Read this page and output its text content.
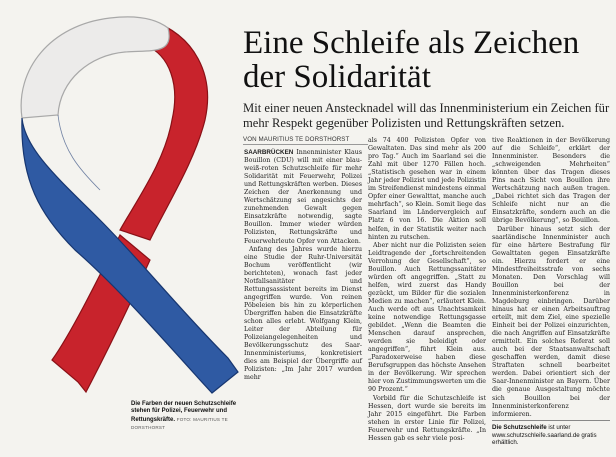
Eine Schleife als Zeichen der Solidarität

Mit einer neuen Anstecknadel will das Innenministerium ein Zeichen für mehr Respekt gegenüber Polizisten und Rettungskräften setzen.

VON MAURITIUS TE DORSTHORST

SAARBRÜCKEN Innenminister Klaus Bouillon (CDU) will mit einer blau-weiß-roten Schutzschleife für mehr Solidarität mit Feuerwehr, Polizei und Rettungskräften werben. Dieses Zeichen der Anerkennung und Wertschätzung sei angesichts der zunehmenden Gewalt gegen Einsatzkräfte notwendig, sagte Bouillon. Immer wieder würden Polizisten, Rettungskräfte und Feuerwehrleute Opfer von Attacken.

Anfang des Jahres wurde hierzu eine Studie der Ruhr-Universität Bochum veröffentlicht (wir berichteten), wonach fast jeder Notfallsanitäter und Rettungsassistent bereits im Dienst angegriffen wurde. Von reinen Pöbeleien bis hin zu körperlichen Übergriffen haben die Einsatzkräfte schon alles erlebt. Wolfgang Klein, Leiter der Abteilung für Polizeiangelegenheiten und Bevölkerungsschutz des Saar-Innenministeriums, konkretisiert dies am Beispiel der Übergriffe auf Polizisten: „Im Jahr 2017 wurden mehr

als 74 400 Polizisten Opfer von Gewaltaten. Das sind mehr als 200 pro Tag.“ Auch im Saarland sei die Zahl mit über 1270 Fällen hoch. „Statistisch gesehen war in einem Jahr jeder Polizist und jede Polizistin im Streifendienst mindestens einmal Opfer einer Gewalttat, manche auch mehrfach“, so Klein. Somit liege das Saarland im Ländervergleich auf Platz 6 von 16. Die Aktion soll helfen, in der Statistik weiter nach hinten zu rutschen.

Aber nicht nur die Polizisten seien Leidtragende der „fortschreitenden Verrohung der Gesellschaft“, so Bouillon. Auch Rettungssanitäter würden oft angegriffen. „Statt zu helfen, wird zuerst das Handy gezückt, um Bilder für die sozialen Medien zu machen“, erläutert Klein. Auch werde oft aus Unachtsamkeit keine notwendige Rettungsgasse gebildet. „Wenn die Beamten die Menschen darauf ansprechen, werden sie beleidigt oder angegriffen“, führt Klein aus. „Paradoxerweise haben diese Berufsgruppen das höchste Ansehen in der Bevölkerung. Wir sprechen hier von Zustimmungswerten um die 90 Prozent.“

Vorbild für die Schutzschleife ist Hessen, dort wurde sie bereits im Jahr 2015 eingeführt. Die Farben stehen in erster Linie für Polizei, Feuerwehr und Rettungskräfte. „In Hessen gab es sehr viele posi-

tive Reaktionen in der Bevölkerung auf die Schleife“, erklärt der Innenminister. Besonders die „schweigenden Mehrheiten“ könnten über das Tragen dieses Pins nach Sicht von Bouillon ihre Wertschätzung nach außen tragen. „Dabei richtet sich das Tragen der Schleife nicht nur an die Einsatzkräfte, sondern auch an die übrige Bevölkerung“, so Bouillon.

Darüber hinaus setzt sich der saarländische Innenminister auch für eine härtere Bestrafung für Gewalttaten gegen Einsatzkräfte ein. Hierzu fordert er eine Mindestfreiheitsstrafe von sechs Monaten. Den Vorschlag will Bouillon bei der Innenministerkonferenz in Magdeburg einbringen. Darüber hinaus hat er einen Arbeitsauftrag erteilt, mit dem Ziel, eine spezielle Einheit bei der Polizei einzurichten, die nach Angriffen auf Einsatzkräfte ermittelt. Ein solches Referat soll auch bei der Staatsanwaltschaft geschaffen werden, damit diese Straftaten schnell bearbeitet werden. Dabei orientiert sich der Saar-Innenminister an Bayern. Über die genaue Ausgestaltung möchte sich Bouillon bei der Innenministerkonferenz informieren.

Die Farben der neuen Schutzschleife stehen für Polizei, Feuerwehr und Rettungskräfte. FOTO: MAURITIUS TE DORSTHORST	Die Schutzschleife ist unter www.schutzschleife.saarland.de gratis erhältlich.
